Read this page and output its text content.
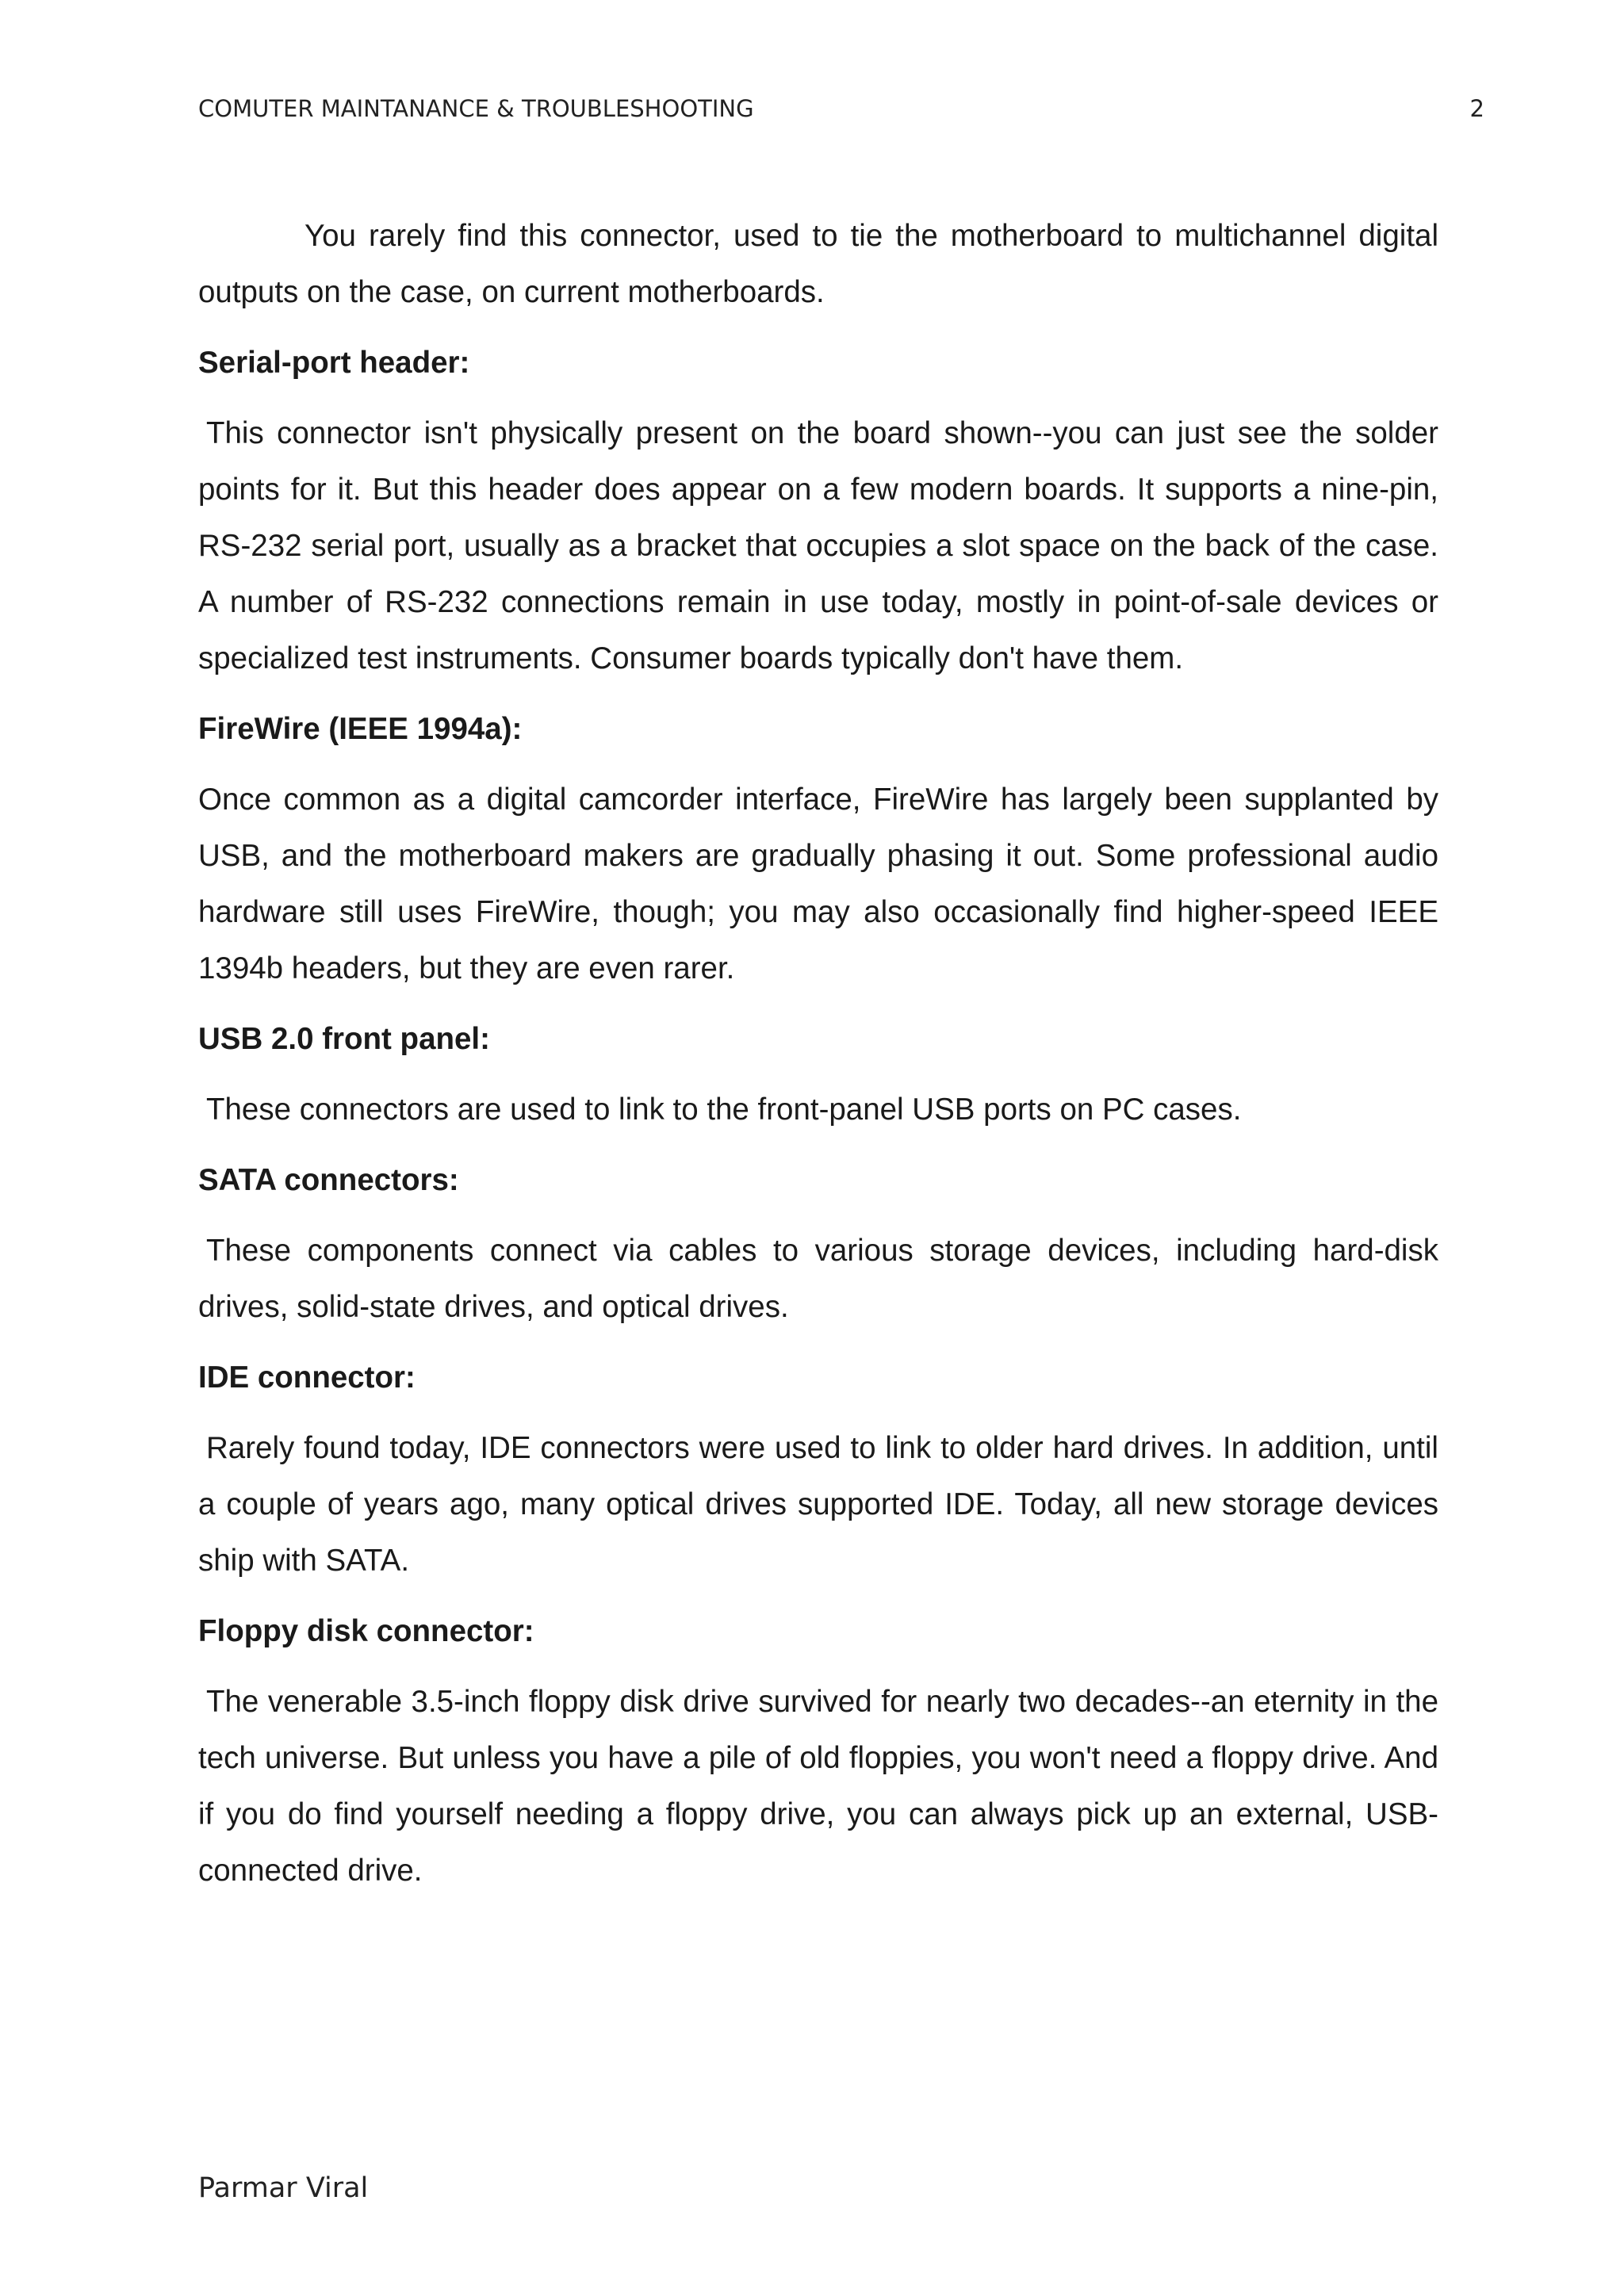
COMUTER MAINTANANCE & TROUBLESHOOTING	2

You rarely find this connector, used to tie the motherboard to multichannel digital outputs on the case, on current motherboards.

Serial-port header:

This connector isn't physically present on the board shown--you can just see the solder points for it. But this header does appear on a few modern boards. It supports a nine-pin, RS-232 serial port, usually as a bracket that occupies a slot space on the back of the case. A number of RS-232 connections remain in use today, mostly in point-of-sale devices or specialized test instruments. Consumer boards typically don't have them.

FireWire (IEEE 1994a):

Once common as a digital camcorder interface, FireWire has largely been supplanted by USB, and the motherboard makers are gradually phasing it out. Some professional audio hardware still uses FireWire, though; you may also occasionally find higher-speed IEEE 1394b headers, but they are even rarer.

USB 2.0 front panel:

These connectors are used to link to the front-panel USB ports on PC cases.

SATA connectors:

These components connect via cables to various storage devices, including hard-disk drives, solid-state drives, and optical drives.

IDE connector:

Rarely found today, IDE connectors were used to link to older hard drives. In addition, until a couple of years ago, many optical drives supported IDE. Today, all new storage devices ship with SATA.

Floppy disk connector:

The venerable 3.5-inch floppy disk drive survived for nearly two decades--an eternity in the tech universe. But unless you have a pile of old floppies, you won't need a floppy drive. And if you do find yourself needing a floppy drive, you can always pick up an external, USB-connected drive.

Parmar Viral
